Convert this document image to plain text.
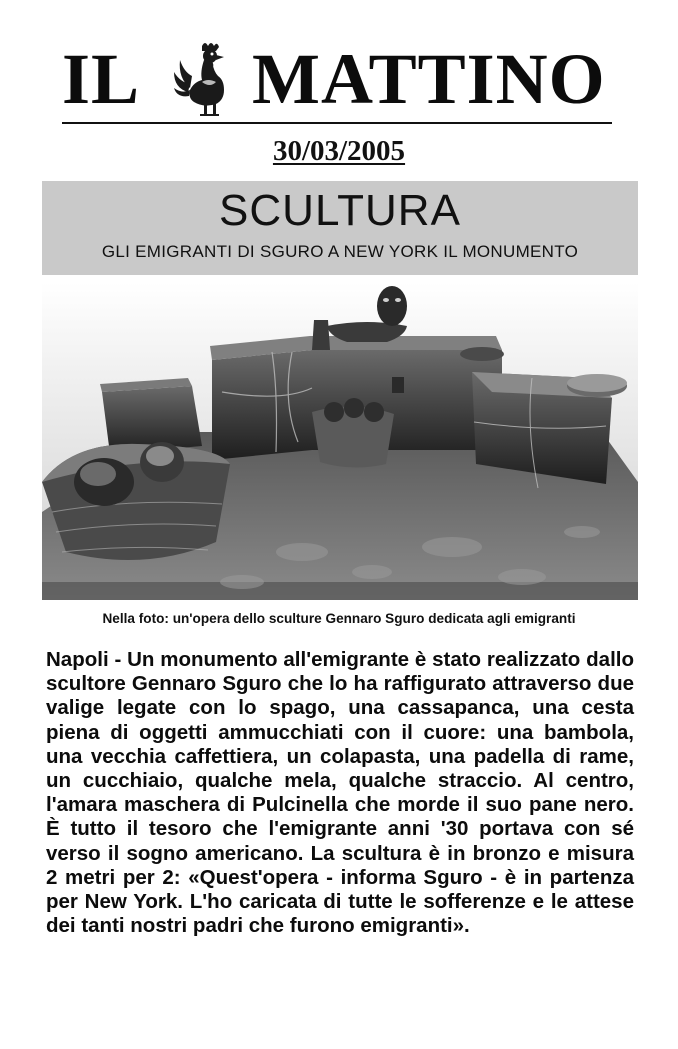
IL MATTINO
30/03/2005
SCULTURA
GLI EMIGRANTI DI SGURO A NEW YORK IL MONUMENTO
Nella foto: un'opera dello sculture Gennaro Sguro dedicata agli emigranti
Napoli - Un monumento all'emigrante è stato realizzato dallo scultore Gennaro Sguro che lo ha raffigurato attraverso due valige legate con lo spago, una cassapanca, una cesta piena di oggetti ammucchiati con il cuore: una bambola, una vecchia caffettiera, un colapasta, una padella di rame, un cucchiaio, qualche mela, qualche straccio. Al centro, l'amara maschera di Pulcinella che morde il suo pane nero. È tutto il tesoro che l'emigrante anni '30 portava con sé verso il sogno americano. La scultura è in bronzo e misura 2 metri per 2: «Quest'opera - informa Sguro - è in partenza per New York. L'ho caricata di tutte le sofferenze e le attese dei tanti nostri padri che furono emigranti».
